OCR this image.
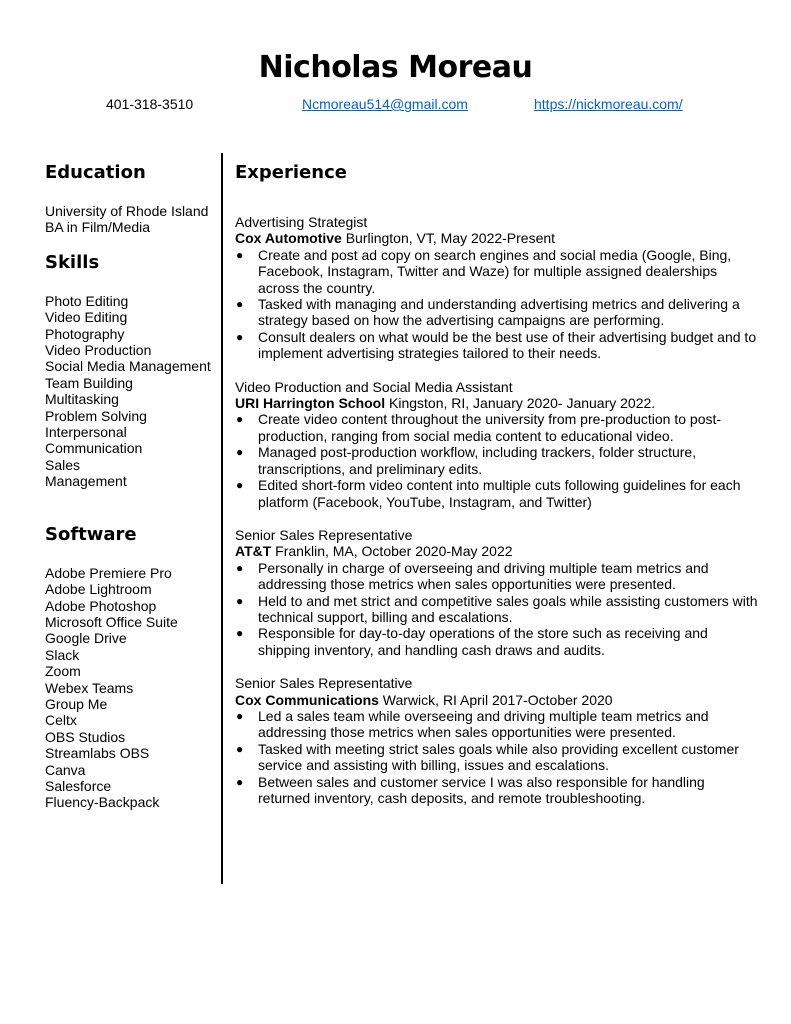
Nicholas Moreau
401-318-3510	Ncmoreau514@gmail.com	https://nickmoreau.com/
Education
University of Rhode Island
BA in Film/Media
Skills
Photo Editing
Video Editing
Photography
Video Production
Social Media Management
Team Building
Multitasking
Problem Solving
Interpersonal
Communication
Sales
Management
Software
Adobe Premiere Pro
Adobe Lightroom
Adobe Photoshop
Microsoft Office Suite
Google Drive
Slack
Zoom
Webex Teams
Group Me
Celtx
OBS Studios
Streamlabs OBS
Canva
Salesforce
Fluency-Backpack
Experience
Advertising Strategist
Cox Automotive Burlington, VT, May 2022-Present
● Create and post ad copy on search engines and social media (Google, Bing, Facebook, Instagram, Twitter and Waze) for multiple assigned dealerships across the country.
● Tasked with managing and understanding advertising metrics and delivering a strategy based on how the advertising campaigns are performing.
● Consult dealers on what would be the best use of their advertising budget and to implement advertising strategies tailored to their needs.
Video Production and Social Media Assistant
URI Harrington School Kingston, RI, January 2020- January 2022.
● Create video content throughout the university from pre-production to post-production, ranging from social media content to educational video.
● Managed post-production workflow, including trackers, folder structure, transcriptions, and preliminary edits.
● Edited short-form video content into multiple cuts following guidelines for each platform (Facebook, YouTube, Instagram, and Twitter)
Senior Sales Representative
AT&T Franklin, MA, October 2020-May 2022
● Personally in charge of overseeing and driving multiple team metrics and addressing those metrics when sales opportunities were presented.
● Held to and met strict and competitive sales goals while assisting customers with technical support, billing and escalations.
● Responsible for day-to-day operations of the store such as receiving and shipping inventory, and handling cash draws and audits.
Senior Sales Representative
Cox Communications Warwick, RI April 2017-October 2020
● Led a sales team while overseeing and driving multiple team metrics and addressing those metrics when sales opportunities were presented.
● Tasked with meeting strict sales goals while also providing excellent customer service and assisting with billing, issues and escalations.
● Between sales and customer service I was also responsible for handling returned inventory, cash deposits, and remote troubleshooting.
